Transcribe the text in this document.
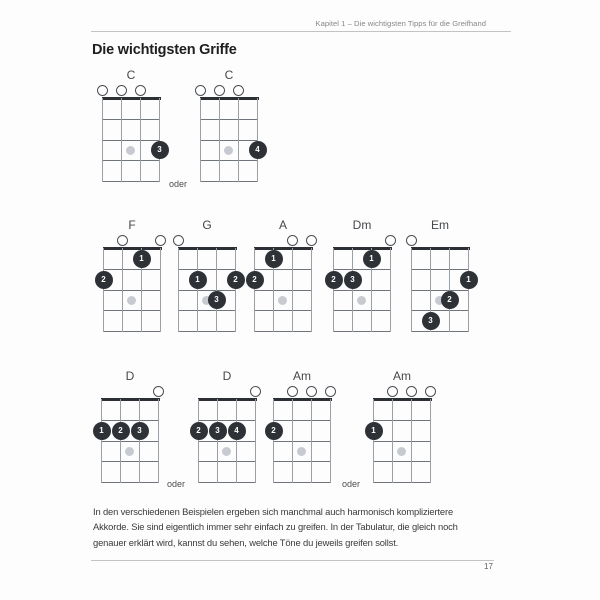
Kapitel 1 – Die wichtigsten Tipps für die Greifhand
Die wichtigsten Griffe
C
3
C
4
F
1
2
G
1	2
3
A
1
2
Dm
1
2	3
Em
1
2
3
D
1	2	3
D
2	3	4
Am
2
Am
1
oder
oder	oder

In den verschiedenen Beispielen ergeben sich manchmal auch harmonisch kompliziertere
Akkorde. Sie sind eigentlich immer sehr einfach zu greifen. In der Tabulatur, die gleich noch
genauer erklärt wird, kannst du sehen, welche Töne du jeweils greifen sollst.

17
